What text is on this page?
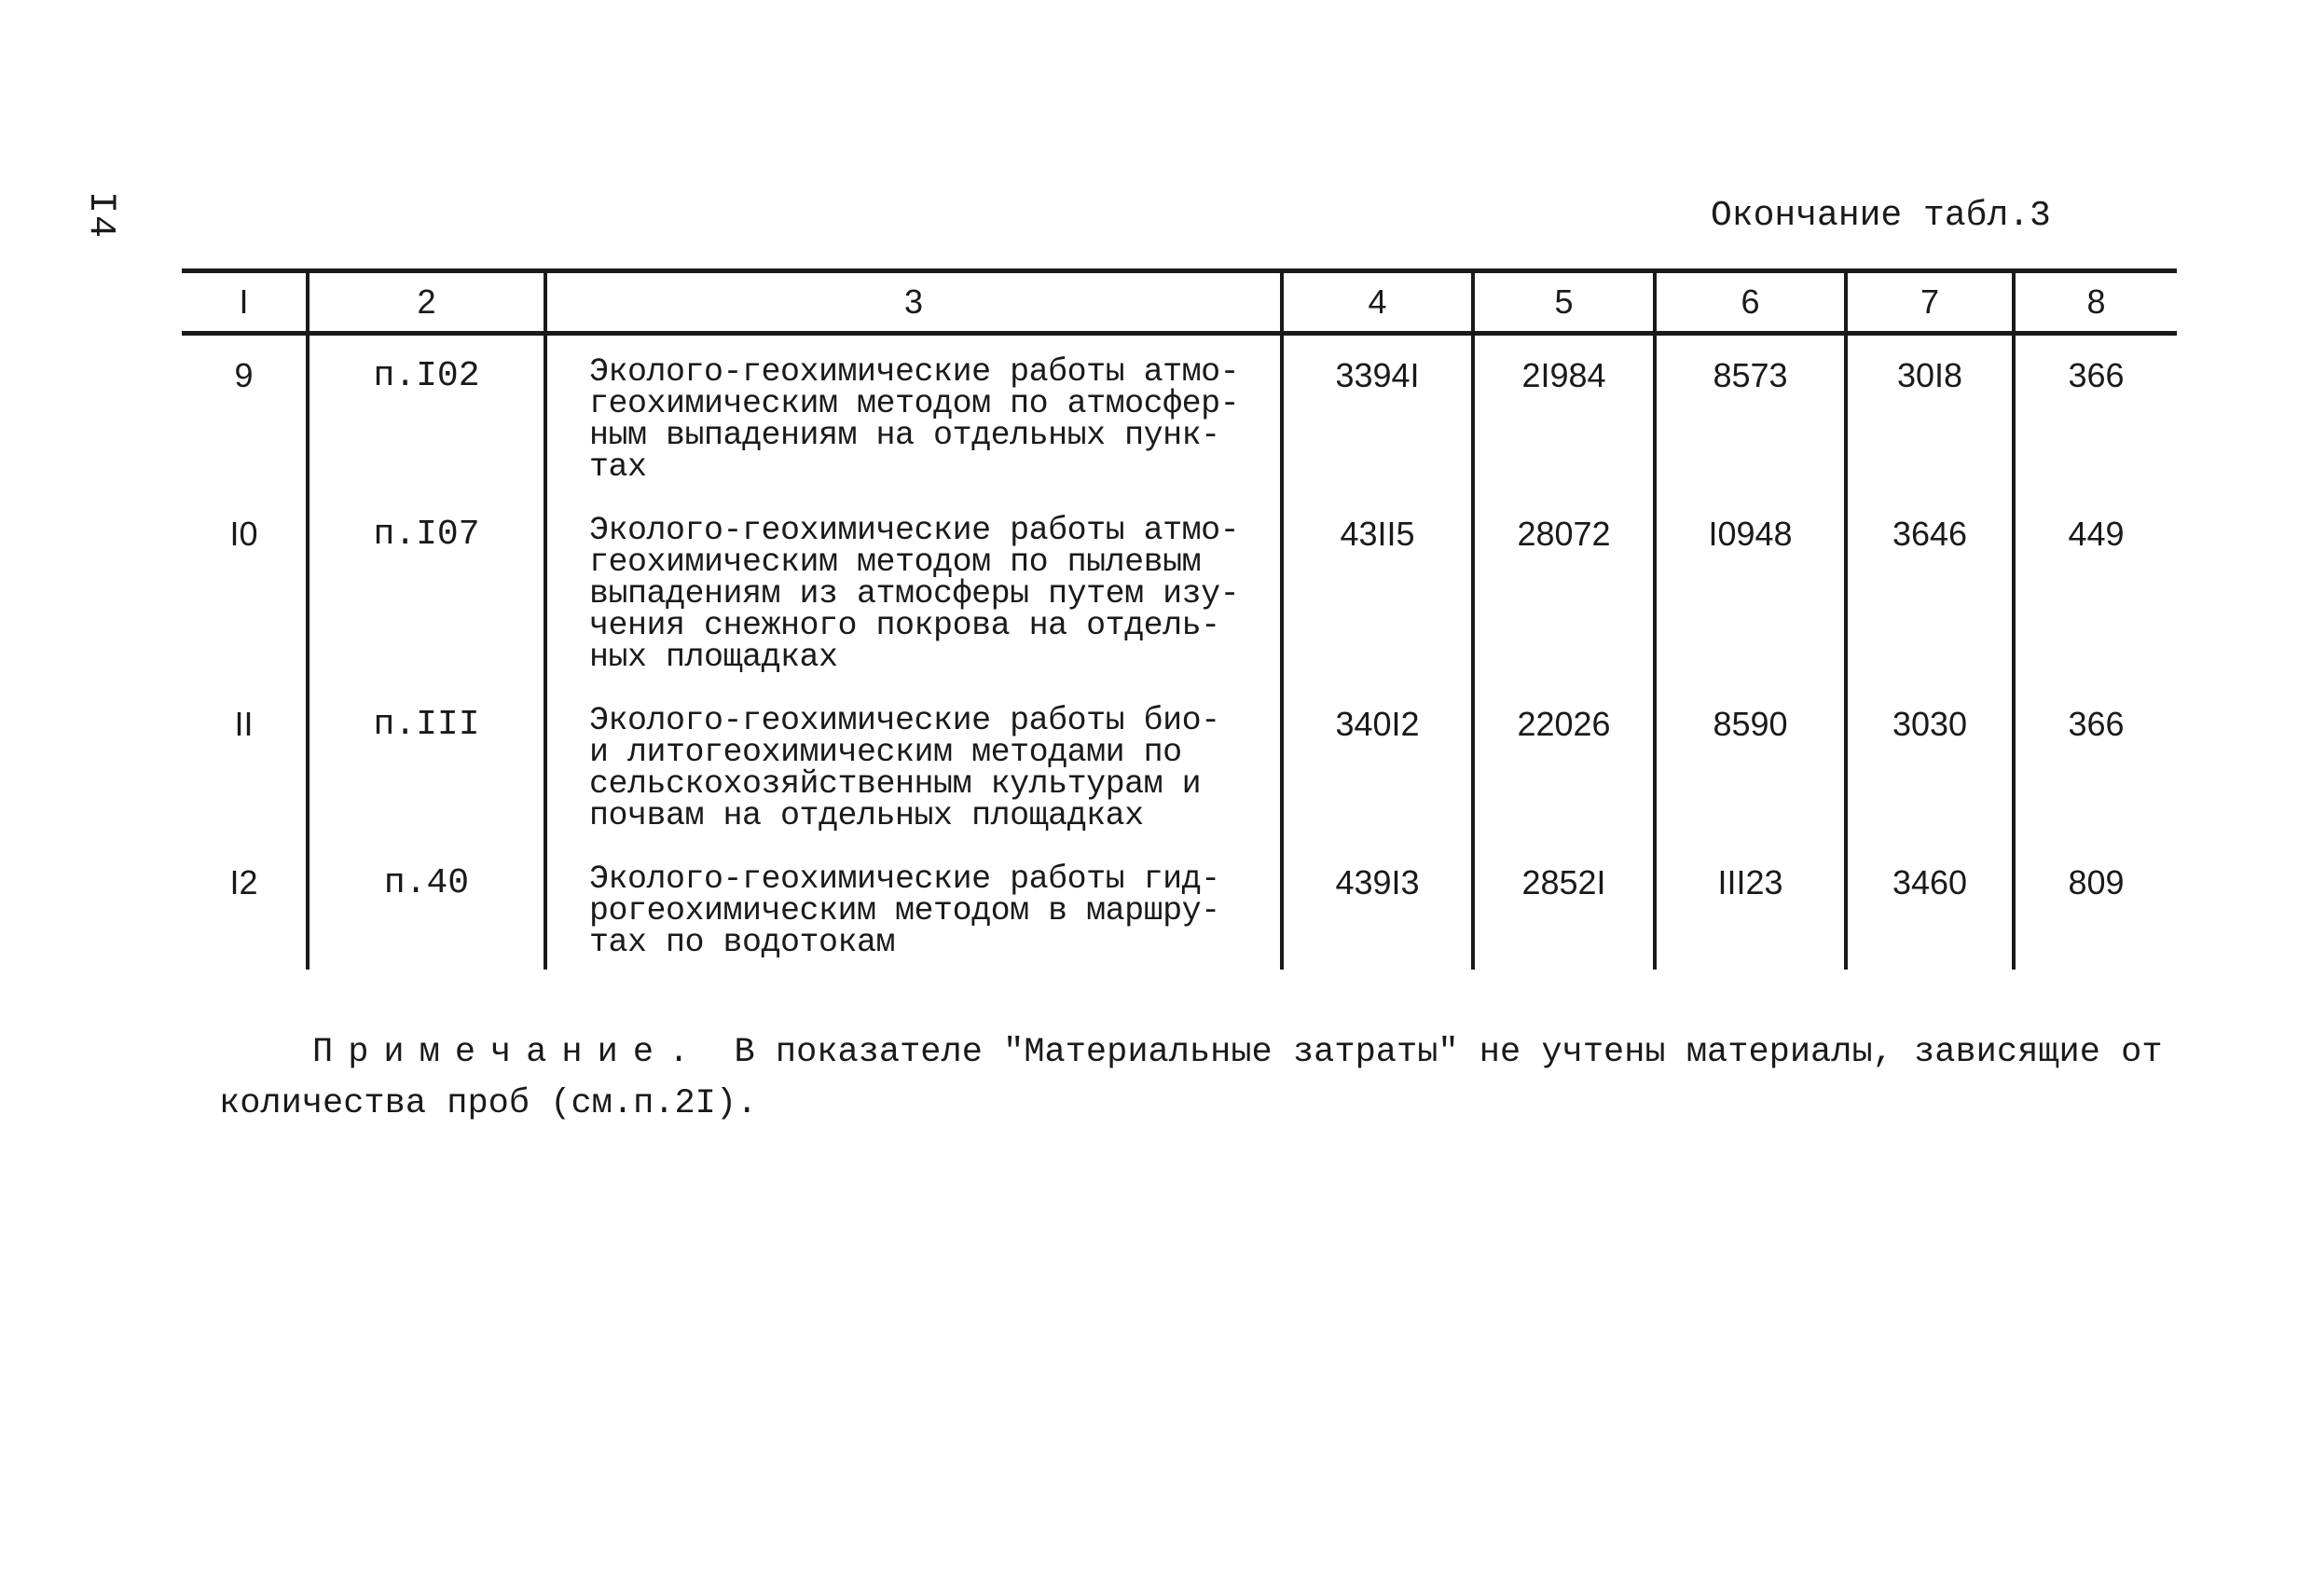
I4	Окончание табл.3
I	2	3	4	5	6	7	8
9	п.I02	Эколого-геохимические работы атмо-
геохимическим методом по атмосфер-
ным выпадениям на отдельных пунк-
тах	3394I	2I984	8573	30I8	366
I0	п.I07	Эколого-геохимические работы атмо-
геохимическим методом по пылевым
выпадениям из атмосферы путем изу-
чения снежного покрова на отдель-
ных площадках	43II5	28072	I0948	3646	449
II	п.III	Эколого-геохимические работы био-
и литогеохимическим методами по
сельскохозяйственным культурам и
почвам на отдельных площадках	340I2	22026	8590	3030	366
I2	п.40	Эколого-геохимические работы гид-
рогеохимическим методом в маршру-
тах по водотокам	439I3	2852I	III23	3460	809
Примечание. В показателе "Материальные затраты" не учтены материалы, зависящие от
количества проб (см.п.2I).
